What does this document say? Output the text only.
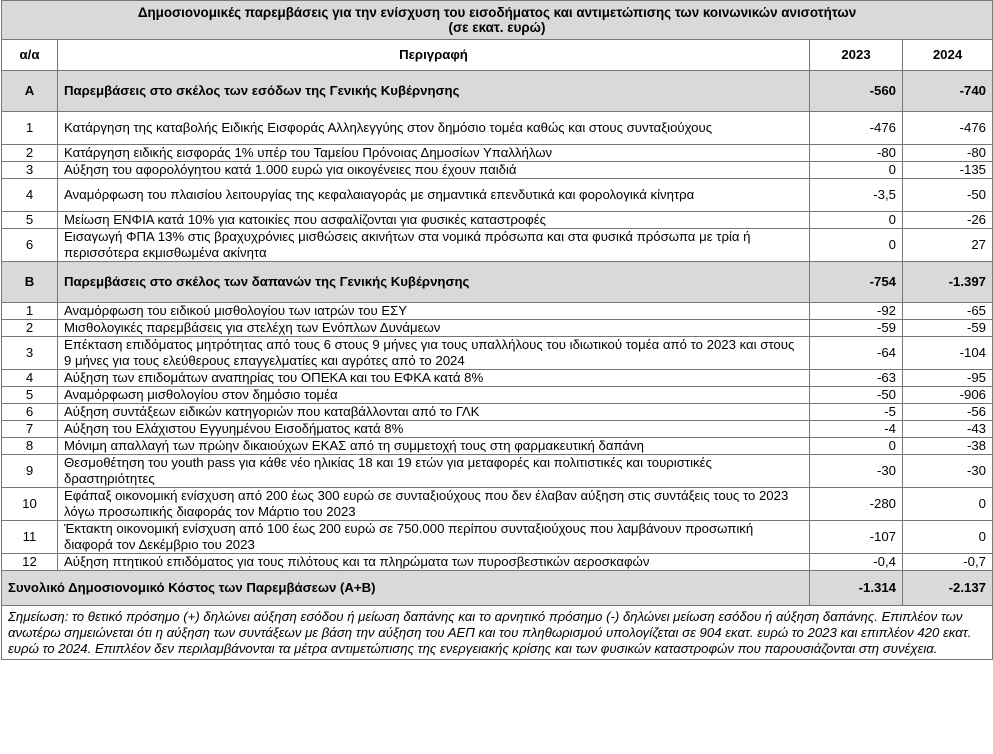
Δημοσιονομικές παρεμβάσεις για την ενίσχυση του εισοδήματος και αντιμετώπισης των κοινωνικών ανισοτήτων
(σε εκατ. ευρώ)			

α/α	Περιγραφή	2023	2024
Α	Παρεμβάσεις στο σκέλος των εσόδων της Γενικής Κυβέρνησης	-560	-740
1	Κατάργηση της καταβολής Ειδικής Εισφοράς Αλληλεγγύης στον δημόσιο τομέα καθώς και στους συνταξιούχους	-476	-476
2	Κατάργηση ειδικής εισφοράς 1% υπέρ του Ταμείου Πρόνοιας Δημοσίων Υπαλλήλων	-80	-80
3	Αύξηση του αφορολόγητου κατά 1.000 ευρώ για οικογένειες που έχουν παιδιά	0	-135
4	Αναμόρφωση του πλαισίου λειτουργίας της κεφαλαιαγοράς με σημαντικά επενδυτικά και φορολογικά κίνητρα	-3,5	-50
5	Μείωση ΕΝΦΙΑ κατά 10% για κατοικίες που ασφαλίζονται για φυσικές καταστροφές	0	-26
6	Εισαγωγή ΦΠΑ 13% στις βραχυχρόνιες μισθώσεις ακινήτων στα νομικά πρόσωπα και στα φυσικά πρόσωπα με τρία ή περισσότερα εκμισθωμένα ακίνητα	0	27
Β	Παρεμβάσεις στο σκέλος των δαπανών της Γενικής Κυβέρνησης	-754	-1.397
1	Αναμόρφωση του ειδικού μισθολογίου των ιατρών του ΕΣΥ	-92	-65
2	Μισθολογικές παρεμβάσεις για στελέχη των Ενόπλων Δυνάμεων	-59	-59
3	Επέκταση επιδόματος μητρότητας από τους 6 στους 9 μήνες για τους υπαλλήλους του ιδιωτικού τομέα από το 2023 και στους 9 μήνες για τους ελεύθερους επαγγελματίες και αγρότες από το 2024	-64	-104
4	Αύξηση των επιδομάτων αναπηρίας του ΟΠΕΚΑ και του ΕΦΚΑ κατά 8%	-63	-95
5	Αναμόρφωση μισθολογίου στον δημόσιο τομέα	-50	-906
6	Αύξηση συντάξεων ειδικών κατηγοριών που καταβάλλονται από το ΓΛΚ	-5	-56
7	Αύξηση του Ελάχιστου Εγγυημένου Εισοδήματος κατά 8%	-4	-43
8	Μόνιμη απαλλαγή των πρώην δικαιούχων ΕΚΑΣ από τη συμμετοχή τους στη φαρμακευτική δαπάνη	0	-38
9	Θεσμοθέτηση του youth pass για κάθε νέο ηλικίας 18 και 19 ετών για μεταφορές και πολιτιστικές και τουριστικές δραστηριότητες	-30	-30
10	Εφάπαξ οικονομική ενίσχυση από 200 έως 300 ευρώ σε συνταξιούχους που δεν έλαβαν αύξηση στις συντάξεις τους το 2023 λόγω προσωπικής διαφοράς τον Μάρτιο του 2023	-280	0
11	Έκτακτη οικονομική ενίσχυση από 100 έως 200 ευρώ σε 750.000 περίπου συνταξιούχους που λαμβάνουν προσωπική διαφορά τον Δεκέμβριο του 2023	-107	0
12	Αύξηση πτητικού επιδόματος για τους πιλότους και τα πληρώματα των πυροσβεστικών αεροσκαφών	-0,4	-0,7
Συνολικό Δημοσιονομικό Κόστος των Παρεμβάσεων (Α+Β)		-1.314	-2.137
Σημείωση: το θετικό πρόσημο (+) δηλώνει αύξηση εσόδου ή μείωση δαπάνης και το αρνητικό πρόσημο (-) δηλώνει μείωση εσόδου ή αύξηση δαπάνης. Επιπλέον των ανωτέρω σημειώνεται ότι η αύξηση των συντάξεων με βάση την αύξηση του ΑΕΠ και του πληθωρισμού υπολογίζεται σε 904 εκατ. ευρώ το 2023 και επιπλέον 420 εκατ. ευρώ το 2024. Επιπλέον δεν περιλαμβάνονται τα μέτρα αντιμετώπισης της ενεργειακής κρίσης και των φυσικών καταστροφών που παρουσιάζονται στη συνέχεια.			
